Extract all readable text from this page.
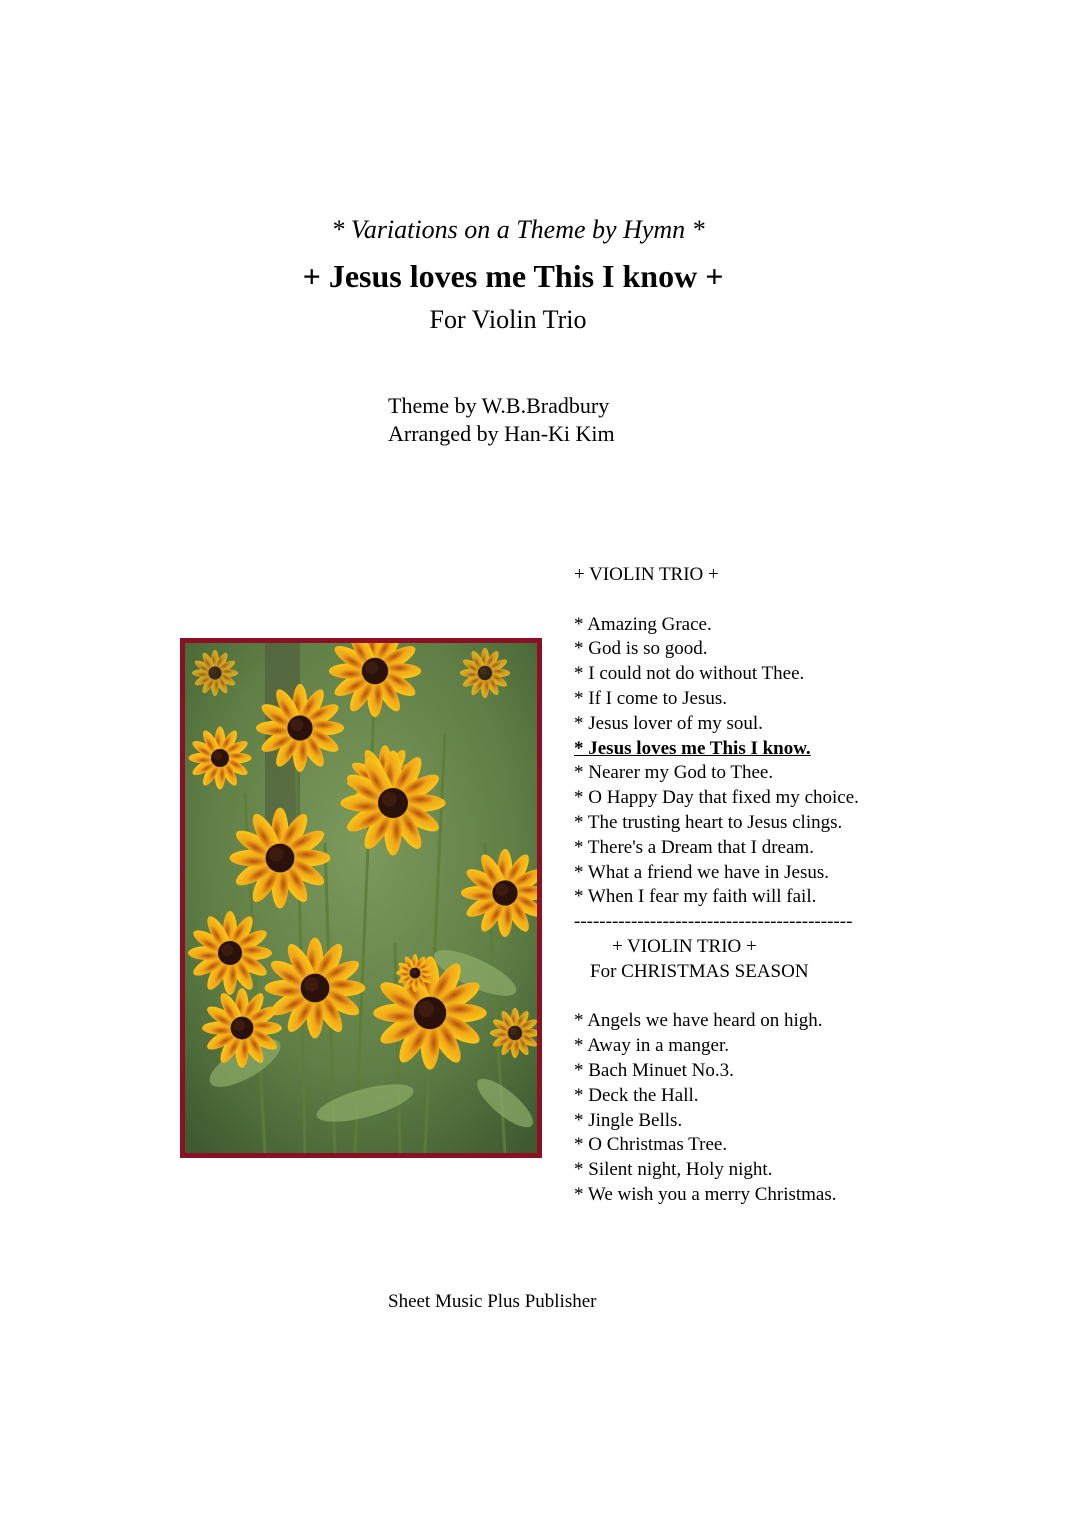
* Variations on a Theme by Hymn *
+ Jesus loves me This I know +
For Violin Trio
Theme by W.B.Bradbury
Arranged by Han-Ki Kim
+ VIOLIN TRIO +
* Amazing Grace.
* God is so good.
* I could not do without Thee.
* If I come to Jesus.
* Jesus lover of my soul.
* Jesus loves me This I know.
* Nearer my God to Thee.
* O Happy Day that fixed my choice.
* The trusting heart to Jesus clings.
* There's a Dream that I dream.
* What a friend we have in Jesus.
* When I fear my faith will fail.
--------------------------------------------
+ VIOLIN TRIO +
For CHRISTMAS SEASON
* Angels we have heard on high.
* Away in a manger.
* Bach Minuet No.3.
* Deck the Hall.
* Jingle Bells.
* O Christmas Tree.
* Silent night, Holy night.
* We wish you a merry Christmas.
Sheet Music Plus Publisher
